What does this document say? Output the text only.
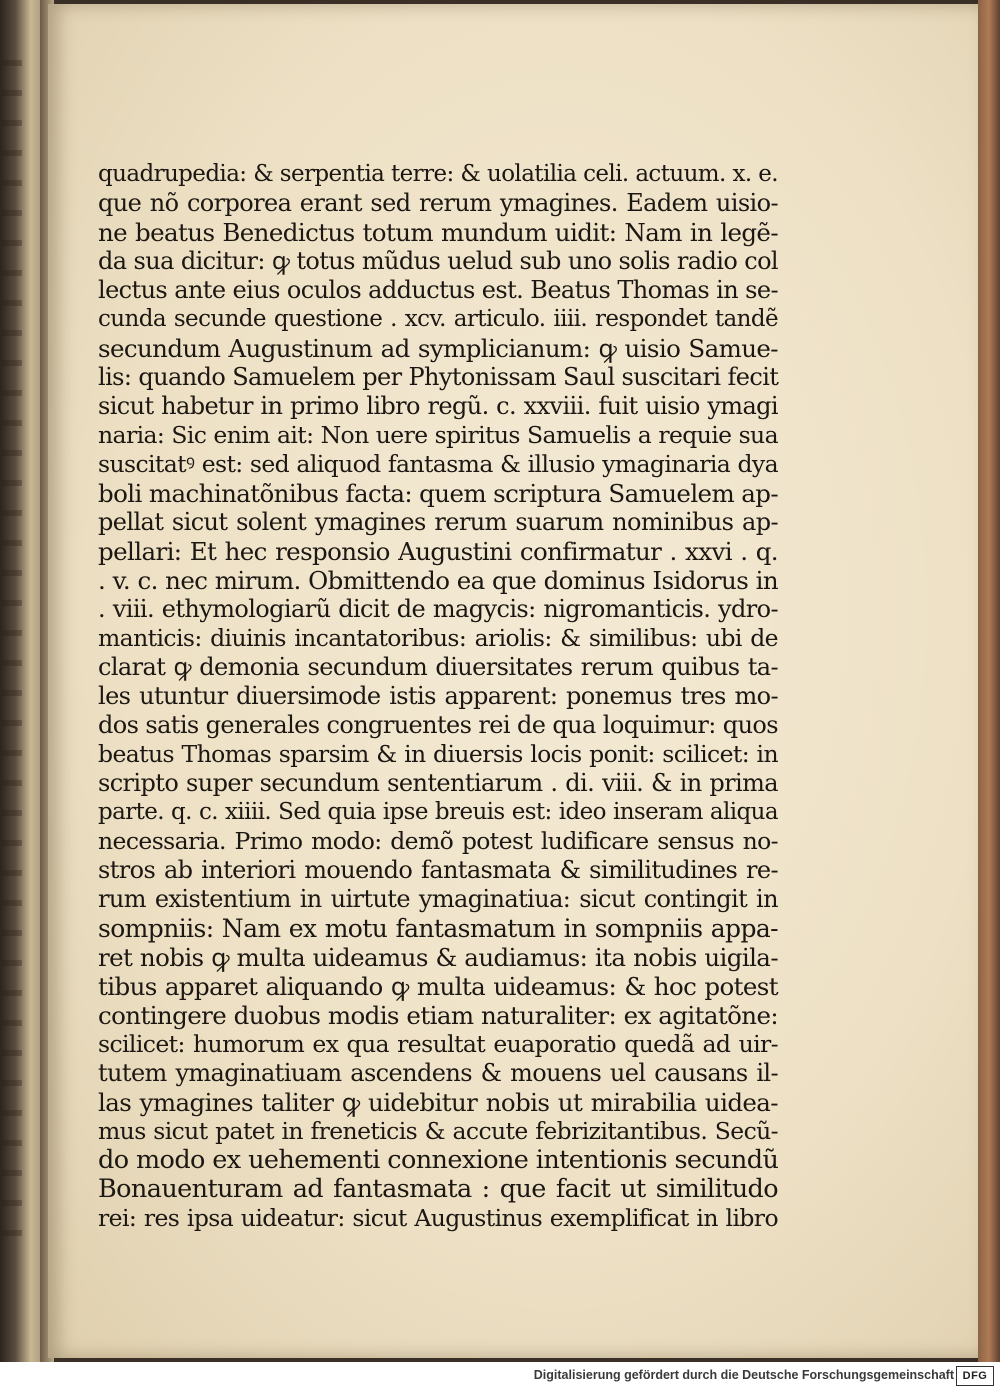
quadrupedia: & serpentia terre: & uolatilia celi. actuum. x. e.
que nõ corporea erant sed rerum ymagines. Eadem uisio-
ne beatus Benedictus totum mundum uidit: Nam in legẽ-
da sua dicitur: ꝙ totus mũdus uelud sub uno solis radio col
lectus ante eius oculos adductus est. Beatus Thomas in se-
cunda secunde questione . xcv. articulo. iiii. respondet tandẽ
secundum Augustinum ad symplicianum: ꝙ uisio Samue-
lis: quando Samuelem per Phytonissam Saul suscitari fecit
sicut habetur in primo libro regũ. c. xxviii. fuit uisio ymagi
naria: Sic enim ait: Non uere spiritus Samuelis a requie sua
suscitatꝰ est: sed aliquod fantasma & illusio ymaginaria dya
boli machinatõnibus facta: quem scriptura Samuelem ap-
pellat sicut solent ymagines rerum suarum nominibus ap-
pellari: Et hec responsio Augustini confirmatur . xxvi . q.
. v. c. nec mirum. Obmittendo ea que dominus Isidorus in
. viii. ethymologiarũ dicit de magycis: nigromanticis. ydro-
manticis: diuinis incantatoribus: ariolis: & similibus: ubi de
clarat ꝙ demonia secundum diuersitates rerum quibus ta-
les utuntur diuersimode istis apparent: ponemus tres mo-
dos satis generales congruentes rei de qua loquimur: quos
beatus Thomas sparsim & in diuersis locis ponit: scilicet: in
scripto super secundum sententiarum . di. viii. & in prima
parte. q. c. xiiii. Sed quia ipse breuis est: ideo inseram aliqua
necessaria. Primo modo: demõ potest ludificare sensus no-
stros ab interiori mouendo fantasmata & similitudines re-
rum existentium in uirtute ymaginatiua: sicut contingit in
sompniis: Nam ex motu fantasmatum in sompniis appa-
ret nobis ꝙ multa uideamus & audiamus: ita nobis uigila-
tibus apparet aliquando ꝙ multa uideamus: & hoc potest
contingere duobus modis etiam naturaliter: ex agitatõne:
scilicet: humorum ex qua resultat euaporatio quedã ad uir-
tutem ymaginatiuam ascendens & mouens uel causans il-
las ymagines taliter ꝙ uidebitur nobis ut mirabilia uidea-
mus sicut patet in freneticis & accute febrizitantibus. Secũ-
do modo ex uehementi connexione intentionis secundũ
Bonauenturam ad fantasmata : que facit ut similitudo
rei: res ipsa uideatur: sicut Augustinus exemplificat in libro
Digitalisierung gefördert durch die Deutsche Forschungsgemeinschaft DFG
